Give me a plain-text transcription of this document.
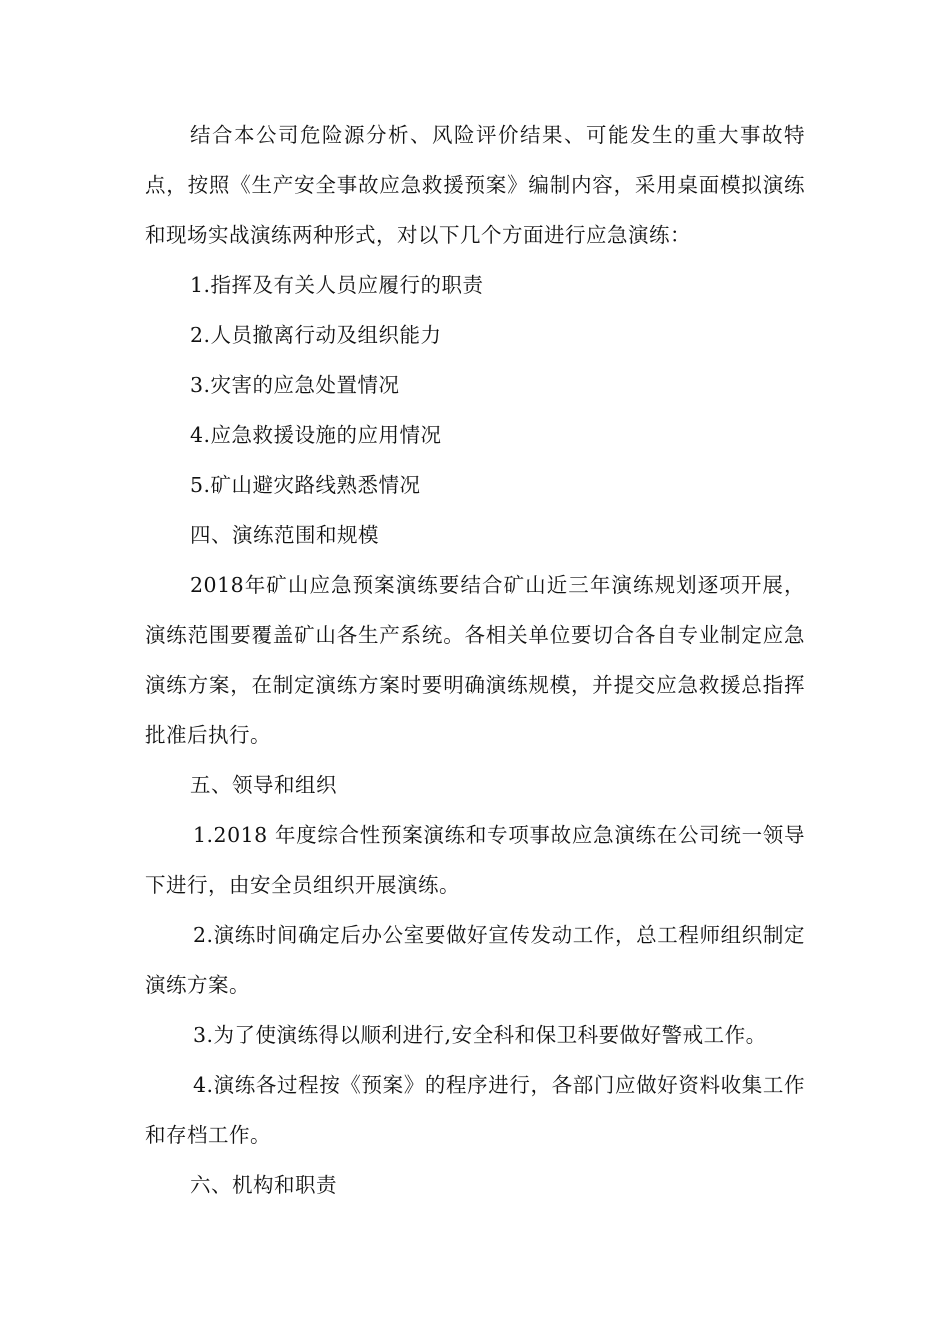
结合本公司危险源分析、风险评价结果、可能发生的重大事故特点，按照《生产安全事故应急救援预案》编制内容，采用桌面模拟演练和现场实战演练两种形式，对以下几个方面进行应急演练：

1.指挥及有关人员应履行的职责

2.人员撤离行动及组织能力

3.灾害的应急处置情况

4.应急救援设施的应用情况

5.矿山避灾路线熟悉情况

四、演练范围和规模

2018年矿山应急预案演练要结合矿山近三年演练规划逐项开展，演练范围要覆盖矿山各生产系统。各相关单位要切合各自专业制定应急演练方案，在制定演练方案时要明确演练规模，并提交应急救援总指挥批准后执行。

五、领导和组织

1.2018 年度综合性预案演练和专项事故应急演练在公司统一领导下进行，由安全员组织开展演练。

2.演练时间确定后办公室要做好宣传发动工作，总工程师组织制定演练方案。

3.为了使演练得以顺利进行,安全科和保卫科要做好警戒工作。

4.演练各过程按《预案》的程序进行，各部门应做好资料收集工作和存档工作。

六、机构和职责
